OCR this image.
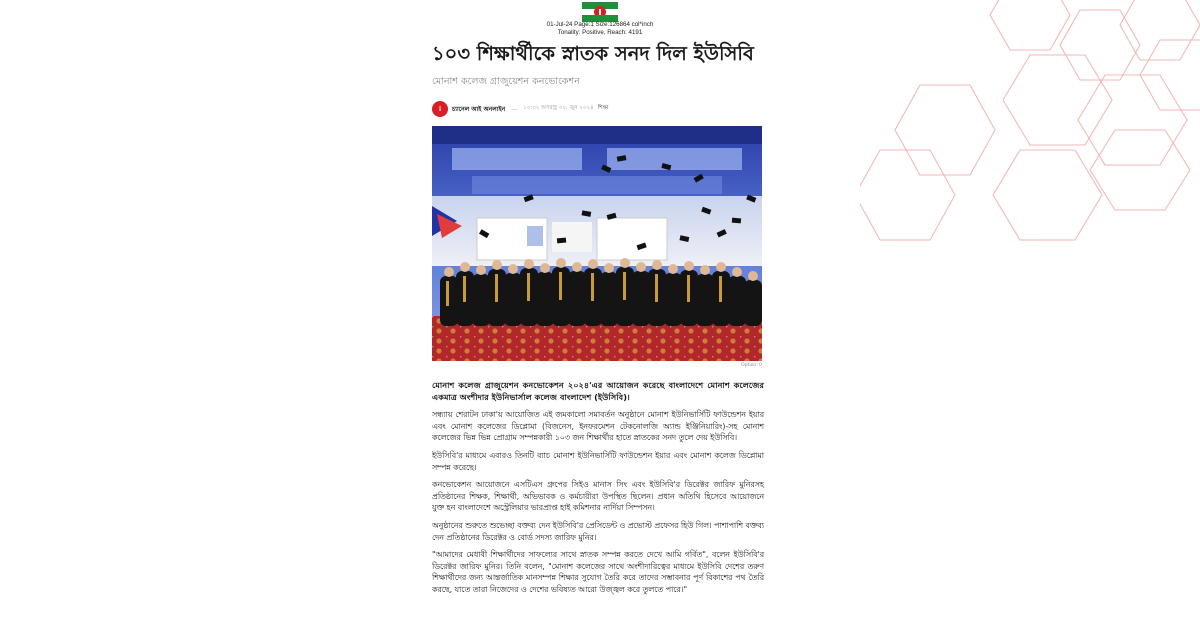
01-Jul-24 Page:1 Size:126864 col*inch
Tonality: Positive, Reach: 4191
১০৩ শিক্ষার্থীকে স্নাতক সনদ দিল ইউসিবি
মোনাশ কলেজ গ্রাজুয়েশন কনভোকেশন
i	চ্যানেল আই অনলাইন — ১০:৩২ অপরাহ্ণ ৩০, জুন ২০২৪ শিক্ষা
Option: 0

মোনাশ কলেজ গ্রাজুয়েশন কনভোকেশন ২০২৪'এর আয়োজন করেছে বাংলাদেশে মোনাশ কলেজের একমাত্র অংশীদার ইউনিভার্সাল কলেজ বাংলাদেশ (ইউসিবি)।

সন্ধ্যায় শেরাটন ঢাকা'য় আয়োজিত এই জমকালো সমাবর্তন অনুষ্ঠানে মোনাশ ইউনিভার্সিটি ফাউন্ডেশন ইয়ার এবং মোনাশ কলেজের ডিপ্লোমা (বিজনেস, ইনফরমেশন টেকনোলজি অ্যান্ড ইঞ্জিনিয়ারিং)-সহ মোনাশ কলেজের ভিন্ন ভিন্ন প্রোগ্রাম সম্পন্নকারী ১০৩ জন শিক্ষার্থীর হাতে স্নাতকের সনদ তুলে দেয় ইউসিবি।

ইউসিবি'র মাধ্যমে এবারও তিনটি ব্যাচ মোনাশ ইউনিভার্সিটি ফাউন্ডেশন ইয়ার এবং মোনাশ কলেজ ডিপ্লোমা সম্পন্ন করেছে।

কনভোকেশন আয়োজনে এসটিএস গ্রুপের সিইও মানাস সিং এবং ইউসিবি'র ডিরেক্টর জারিফ মুনিরসহ প্রতিষ্ঠানের শিক্ষক, শিক্ষার্থী, অভিভাবক ও কর্মচারীরা উপস্থিত ছিলেন। প্রধান অতিথি হিসেবে আয়োজনে যুক্ত হন বাংলাদেশে অস্ট্রেলিয়ার ভারপ্রাপ্ত হাই কমিশনার নার্দিয়া সিম্পসন।

অনুষ্ঠানের শুরুতে শুভেচ্ছা বক্তব্য দেন ইউসিবি'র প্রেসিডেন্ট ও প্রভোস্ট প্রফেসর হিউ গিল। পাশাপাশি বক্তব্য দেন প্রতিষ্ঠানের ডিরেক্টর ও বোর্ড সদস্য জারিফ মুনির।

"আমাদের মেধাবী শিক্ষার্থীদের সাফল্যের সাথে স্নাতক সম্পন্ন করতে দেখে আমি গর্বিত", বলেন ইউসিবি'র ডিরেক্টর জারিফ মুনির। তিনি বলেন, "মোনাশ কলেজের সাথে অংশীদারিত্বের মাধ্যমে ইউসিবি দেশের তরুণ শিক্ষার্থীদের জন্য আন্তর্জাতিক মানসম্পন্ন শিক্ষার সুযোগ তৈরি করে তাদের সম্ভাবনার পূর্ণ বিকাশের পথ তৈরি করছে, যাতে তারা নিজেদের ও দেশের ভবিষ্যত আরো উজ্জ্বল করে তুলতে পারে।"
